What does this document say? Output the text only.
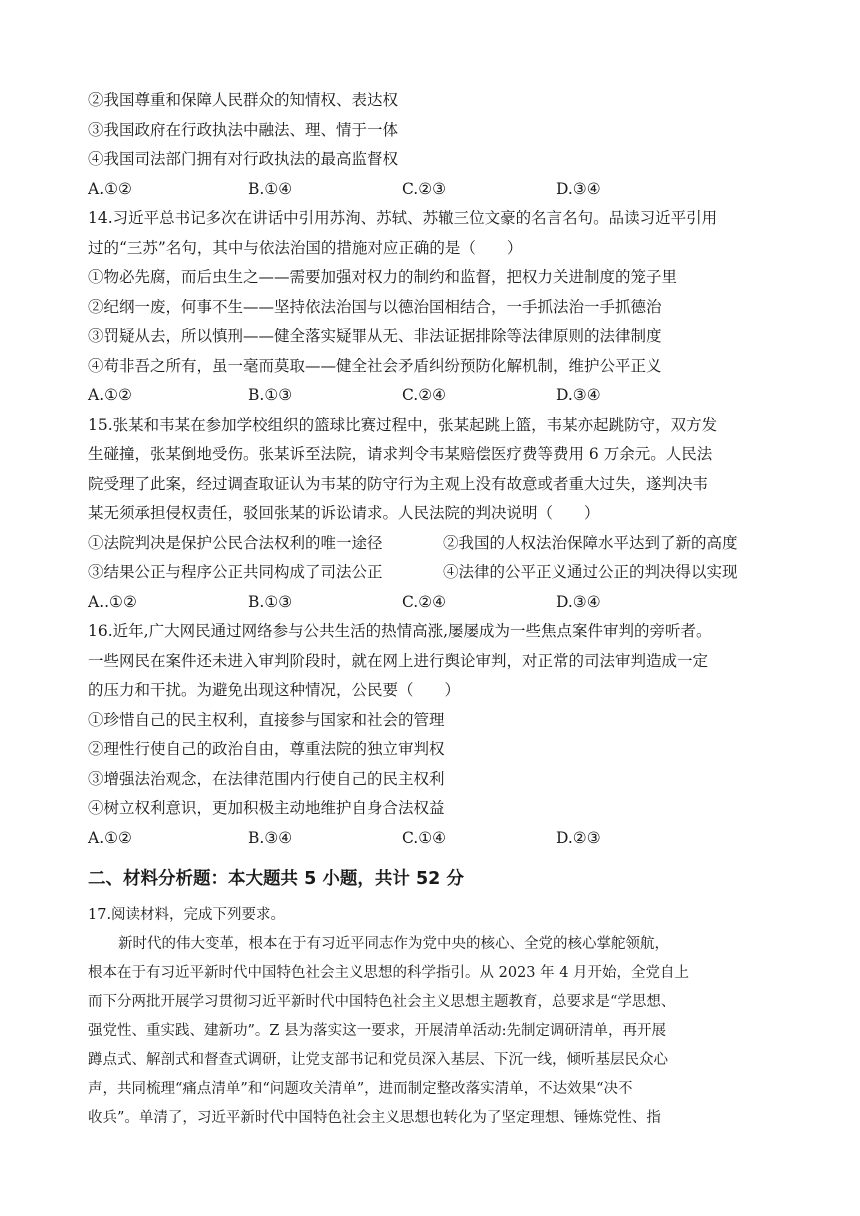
②我国尊重和保障人民群众的知情权、表达权
③我国政府在行政执法中融法、理、情于一体
④我国司法部门拥有对行政执法的最高监督权
A.①②	B.①④	C.②③	D.③④
14.习近平总书记多次在讲话中引用苏洵、苏轼、苏辙三位文豪的名言名句。品读习近平引用
过的“三苏”名句，其中与依法治国的措施对应正确的是（　　）
①物必先腐，而后虫生之——需要加强对权力的制约和监督，把权力关进制度的笼子里
②纪纲一废，何事不生——坚持依法治国与以德治国相结合，一手抓法治一手抓德治
③罚疑从去，所以慎刑——健全落实疑罪从无、非法证据排除等法律原则的法律制度
④苟非吾之所有，虽一毫而莫取——健全社会矛盾纠纷预防化解机制，维护公平正义
A.①②	B.①③	C.②④	D.③④
15.张某和韦某在参加学校组织的篮球比赛过程中，张某起跳上篮，韦某亦起跳防守，双方发
生碰撞，张某倒地受伤。张某诉至法院，请求判令韦某赔偿医疗费等费用 6 万余元。人民法
院受理了此案，经过调查取证认为韦某的防守行为主观上没有故意或者重大过失，遂判决韦
某无须承担侵权责任，驳回张某的诉讼请求。人民法院的判决说明（　　）
①法院判决是保护公民合法权利的唯一途径	②我国的人权法治保障水平达到了新的高度
③结果公正与程序公正共同构成了司法公正	④法律的公平正义通过公正的判决得以实现
A..①②	B.①③	C.②④	D.③④
16.近年,广大网民通过网络参与公共生活的热情高涨,屡屡成为一些焦点案件审判的旁听者。
一些网民在案件还未进入审判阶段时，就在网上进行舆论审判，对正常的司法审判造成一定
的压力和干扰。为避免出现这种情况，公民要（　　）
①珍惜自己的民主权利，直接参与国家和社会的管理
②理性行使自己的政治自由，尊重法院的独立审判权
③增强法治观念，在法律范围内行使自己的民主权利
④树立权利意识，更加积极主动地维护自身合法权益
A.①②	B.③④	C.①④	D.②③
二、材料分析题：本大题共 5 小题，共计 52 分
17.阅读材料，完成下列要求。
新时代的伟大变革，根本在于有习近平同志作为党中央的核心、全党的核心掌舵领航，
根本在于有习近平新时代中国特色社会主义思想的科学指引。从 2023 年 4 月开始，全党自上
而下分两批开展学习贯彻习近平新时代中国特色社会主义思想主题教育，总要求是“学思想、
强党性、重实践、建新功”。Z 县为落实这一要求，开展清单活动:先制定调研清单，再开展
蹲点式、解剖式和督查式调研，让党支部书记和党员深入基层、下沉一线，倾听基层民众心
声，共同梳理“痛点清单”和“问题攻关清单”，进而制定整改落实清单，不达效果“决不
收兵”。单清了，习近平新时代中国特色社会主义思想也转化为了坚定理想、锤炼党性、指
